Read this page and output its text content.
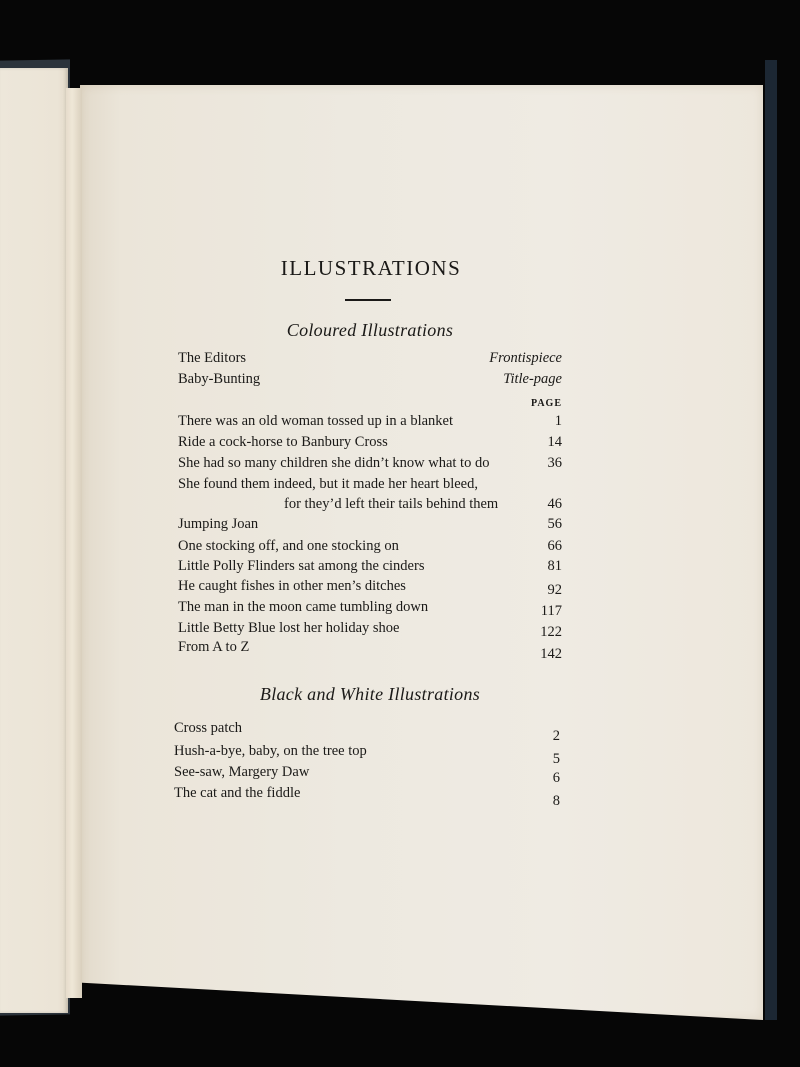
ILLUSTRATIONS
Coloured Illustrations
The Editors	Frontispiece
Baby-Bunting	Title-page
PAGE
There was an old woman tossed up in a blanket	1
Ride a cock-horse to Banbury Cross	14
She had so many children she didn’t know what to do	36
She found them indeed, but it made her heart bleed,
for they’d left their tails behind them	46
Jumping Joan	56
One stocking off, and one stocking on	66
Little Polly Flinders sat among the cinders	81
He caught fishes in other men’s ditches	92
The man in the moon came tumbling down	117
Little Betty Blue lost her holiday shoe	122
From A to Z	142
Black and White Illustrations
Cross patch	2
Hush-a-bye, baby, on the tree top	5
See-saw, Margery Daw	6
The cat and the fiddle	8
